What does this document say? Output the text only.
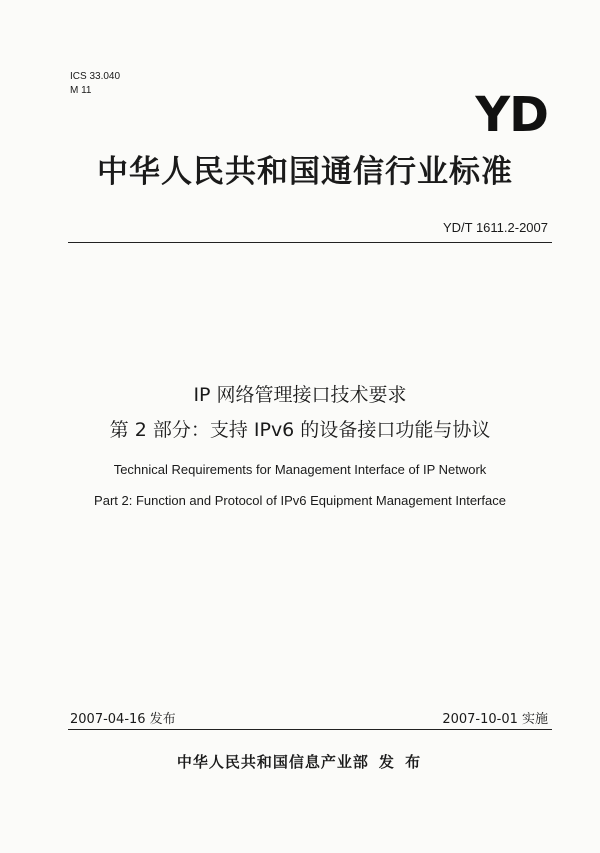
ICS 33.040
M 11	YD
中华人民共和国通信行业标准
YD/T 1611.2-2007
IP 网络管理接口技术要求
第 2 部分：支持 IPv6 的设备接口功能与协议
Technical Requirements for Management Interface of IP Network
Part 2: Function and Protocol of IPv6 Equipment Management Interface
2007-04-16 发布	2007-10-01 实施
中华人民共和国信息产业部 发 布
